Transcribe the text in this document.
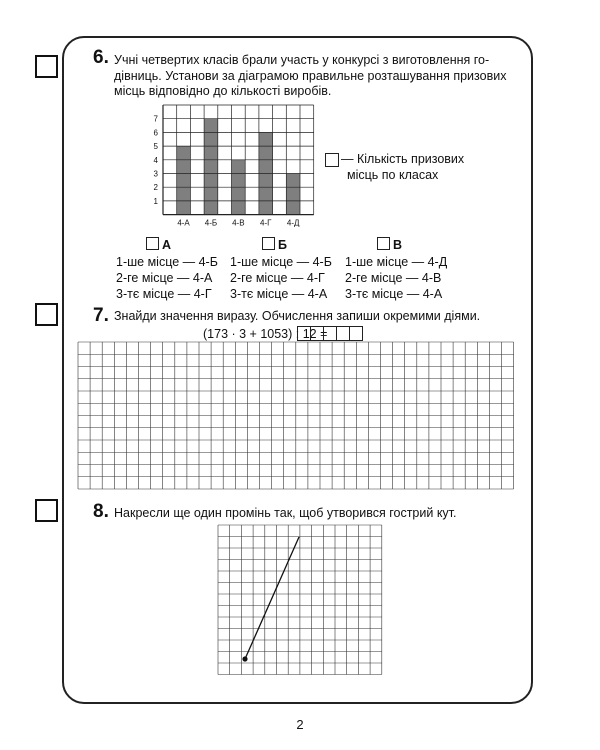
6. Учні четвертих класів брали участь у конкурсі з виготовлення го-
дівниць. Установи за діаграмою правильне розташування призових
місць відповідно до кількості виробів.
1
2
3
4
5
6
7
4-А 4-Б 4-В 4-Г 4-Д
— Кількість призових
місць по класах
А
1-ше місце — 4-Б
2-ге місце — 4-А
3-тє місце — 4-Г
Б
1-ше місце — 4-Б
2-ге місце — 4-Г
3-тє місце — 4-А
В
1-ше місце — 4-Д
2-ге місце — 4-В
3-тє місце — 4-А
7. Знайди значення виразу. Обчислення запиши окремими діями.
(173 · 3 + 1053) : 12 =
8. Накресли ще один промінь так, щоб утворився гострий кут.
2
